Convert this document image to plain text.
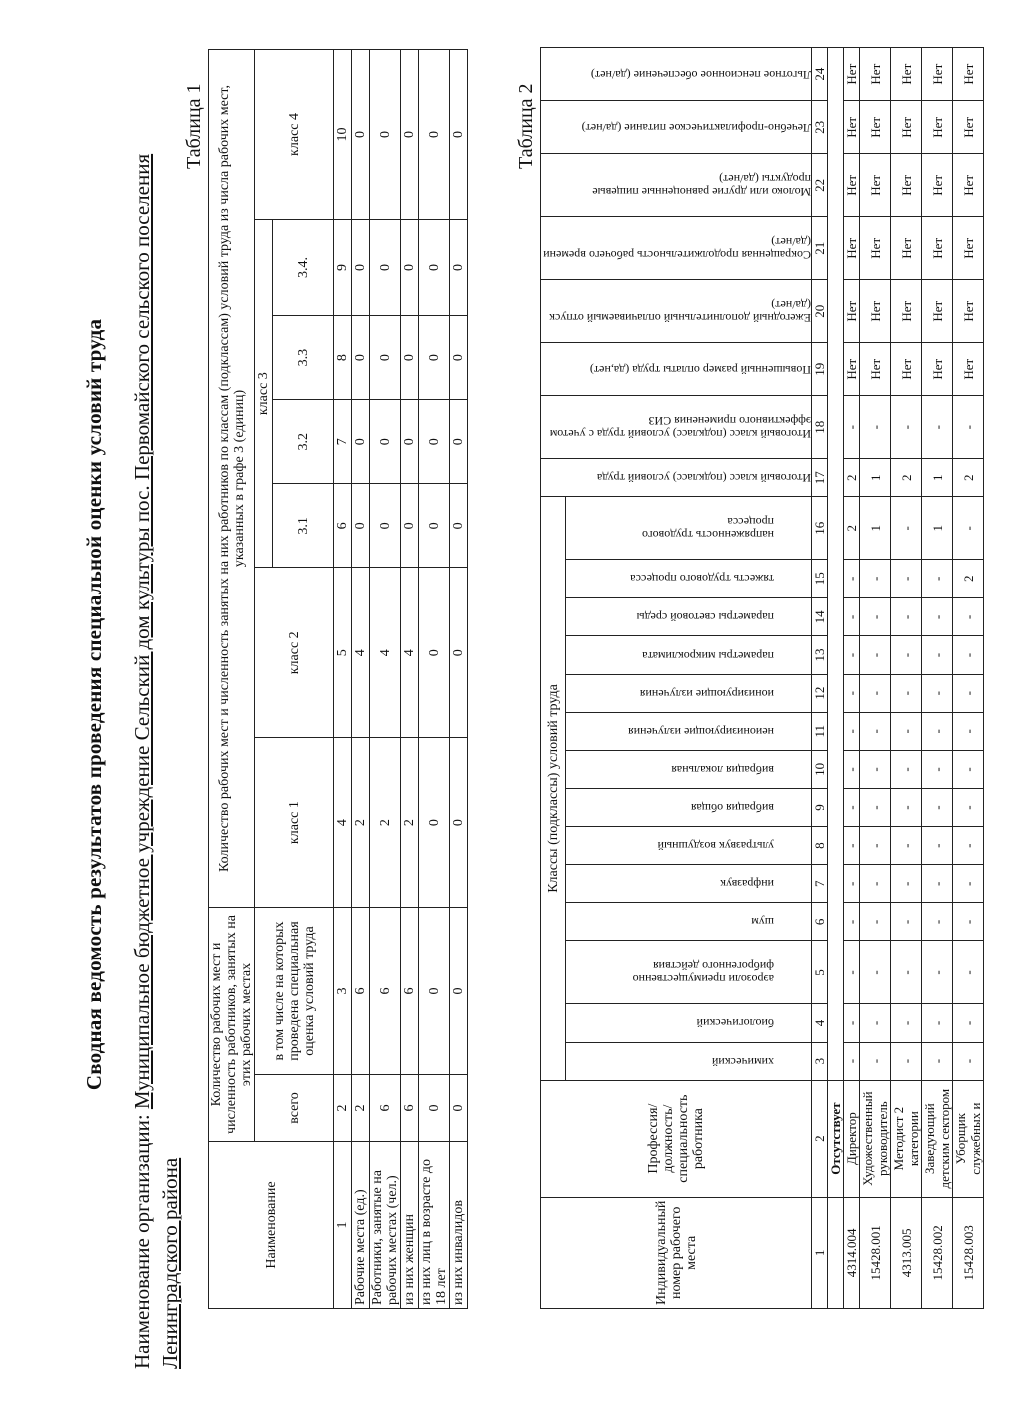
Сводная ведомость результатов проведения специальной оценки условий труда
Наименование организации: Муниципальное бюджетное учреждение Сельский дом культуры пос. Первомайского сельского поселения Ленинградского района
Таблица 1
Наименование	Количество рабочих мест и численность работников, занятых на этих рабочих местах		Количество рабочих мест и численность занятых на них работников по классам (подклассам) условий труда из числа рабочих мест, указанных в графе 3 (единиц)						
	всего	в том числе на которых проведена специальная оценка условий труда	класс 1	класс 2	класс 3				класс 4
					3.1	3.2	3.3	3.4.	
1	2	3	4	5	6	7	8	9	10
Рабочие места (ед.)	2	6	2	4	0	0	0	0	0
Работники, занятые на рабочих местах (чел.)	6	6	2	4	0	0	0	0	0
из них женщин	6	6	2	4	0	0	0	0	0
из них лиц в возрасте до 18 лет	0	0	0	0	0	0	0	0	0
из них инвалидов	0	0	0	0	0	0	0	0	0 Таблица 2
Индивидуальный номер рабочего места	Профессия/ должность/ специальность работника	Классы (подклассы) условий труда														Итоговый класс (подкласс) условий труда	Итоговый класс (подкласс) условий труда с учетом эффективного применения СИЗ	Повышенный размер оплаты труда (да,нет)	Ежегодный дополнительный оплачиваемый отпуск (да/нет)	Сокращенная продолжительность рабочего времени (да/нет)	Молоко или другие равноценные пищевые продукты (да/нет)	Лечебно-профилактическое питание (да/нет)	Льготное пенсионное обеспечение (да/нет)

		химический	биологический	аэрозоли преимущественно фиброгенного действия	шум	инфразвук	ультразвук воздушный	вибрация общая	вибрация локальная	неионизирующие излучения	ионизирующие излучения	параметры микроклимата	параметры световой среды	тяжесть трудового процесса	напряженность трудового процесса								

1	2	3	4	5	6	7	8	9	10	11	12	13	14	15	16	17	18	19	20	21	22	23	24
	Отсутствует																						
4314.004	Директор	-	-	-	-	-	-	-	-	-	-	-	-	-	2	2	-	Нет	Нет	Нет	Нет	Нет	Нет
15428.001	Художественный руководитель	-	-	-	-	-	-	-	-	-	-	-	-	-	1	1	-	Нет	Нет	Нет	Нет	Нет	Нет
4313.005	Методист 2 категории	-	-	-	-	-	-	-	-	-	-	-	-	-	-	2	-	Нет	Нет	Нет	Нет	Нет	Нет
15428.002	Заведующий детским сектором	-	-	-	-	-	-	-	-	-	-	-	-	-	1	1	-	Нет	Нет	Нет	Нет	Нет	Нет
15428.003	Уборщик служебных и	-	-	-	-	-	-	-	-	-	-	-	-	2	-	2	-	Нет	Нет	Нет	Нет	Нет	Нет
